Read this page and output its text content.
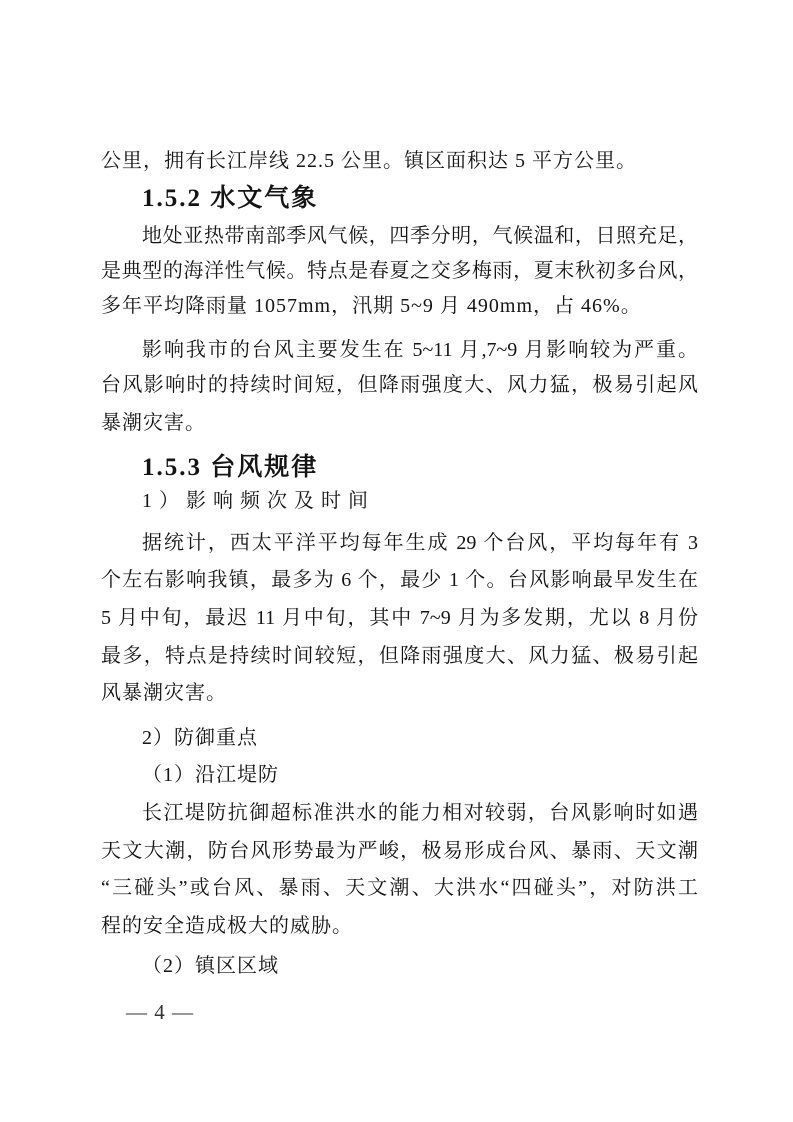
公里，拥有长江岸线 22.5 公里。镇区面积达 5 平方公里。

1.5.2 水文气象

地处亚热带南部季风气候，四季分明，气候温和，日照充足，

是典型的海洋性气候。特点是春夏之交多梅雨，夏末秋初多台风，

多年平均降雨量 1057mm，汛期 5~9 月 490mm，占 46%。

影响我市的台风主要发生在 5~11 月,7~9 月影响较为严重。

台风影响时的持续时间短，但降雨强度大、风力猛，极易引起风

暴潮灾害。

1.5.3 台风规律

1）影响频次及时间

据统计，西太平洋平均每年生成 29 个台风，平均每年有 3

个左右影响我镇，最多为 6 个，最少 1 个。台风影响最早发生在

5 月中旬，最迟 11 月中旬，其中 7~9 月为多发期，尤以 8 月份

最多，特点是持续时间较短，但降雨强度大、风力猛、极易引起

风暴潮灾害。

2）防御重点

（1）沿江堤防

长江堤防抗御超标准洪水的能力相对较弱，台风影响时如遇

天文大潮，防台风形势最为严峻，极易形成台风、暴雨、天文潮

“三碰头”或台风、暴雨、天文潮、大洪水“四碰头”，对防洪工

程的安全造成极大的威胁。

（2）镇区区域

— 4 —
